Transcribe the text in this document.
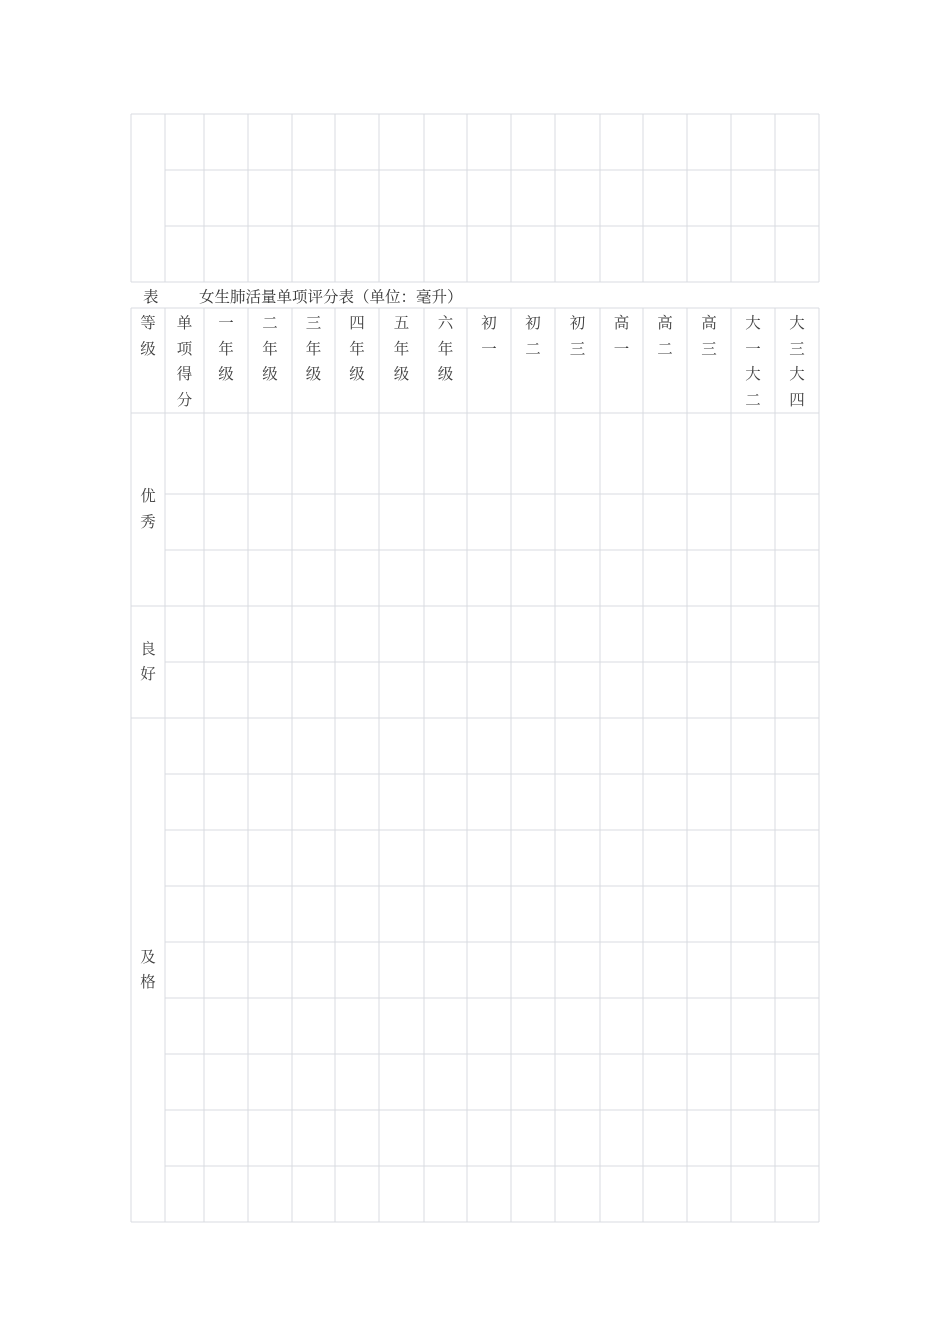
表	女生肺活量单项评分表（单位：毫升）
等级
单项得分
一年级
二年级
三年级
四年级
五年级
六年级
初一
初二
初三
高一
高二
高三
大一大二
大三大四
优秀
良好
及格
